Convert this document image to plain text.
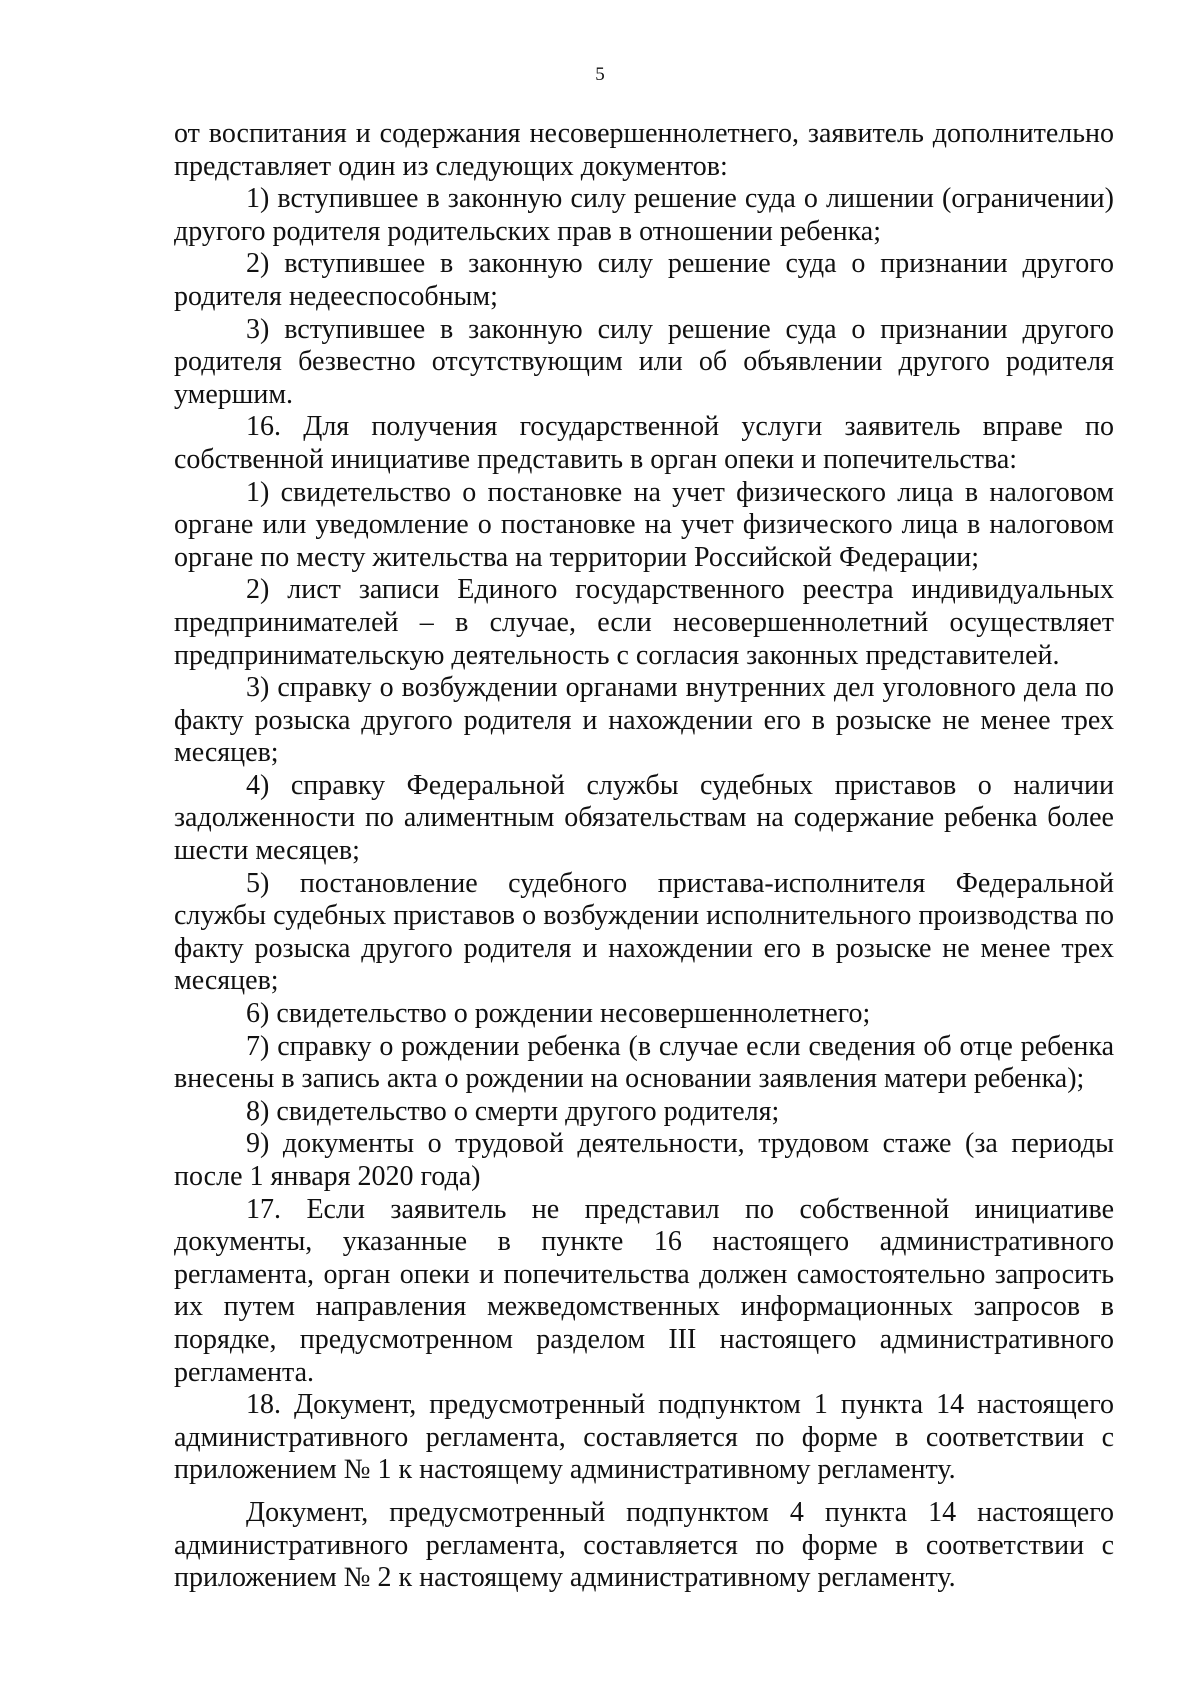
5

от воспитания и содержания несовершеннолетнего, заявитель дополнительно представляет один из следующих документов:

1) вступившее в законную силу решение суда о лишении (ограничении) другого родителя родительских прав в отношении ребенка;

2) вступившее в законную силу решение суда о признании другого родителя недееспособным;

3) вступившее в законную силу решение суда о признании другого родителя безвестно отсутствующим или об объявлении другого родителя умершим.

16. Для получения государственной услуги заявитель вправе по собственной инициативе представить в орган опеки и попечительства:

1) свидетельство о постановке на учет физического лица в налоговом органе или уведомление о постановке на учет физического лица в налоговом органе по месту жительства на территории Российской Федерации;

2) лист записи Единого государственного реестра индивидуальных предпринимателей – в случае, если несовершеннолетний осуществляет предпринимательскую деятельность с согласия законных представителей.

3) справку о возбуждении органами внутренних дел уголовного дела по факту розыска другого родителя и нахождении его в розыске не менее трех месяцев;

4) справку Федеральной службы судебных приставов о наличии задолженности по алиментным обязательствам на содержание ребенка более шести месяцев;

5) постановление судебного пристава-исполнителя Федеральной службы судебных приставов о возбуждении исполнительного производства по факту розыска другого родителя и нахождении его в розыске не менее трех месяцев;

6) свидетельство о рождении несовершеннолетнего;

7) справку о рождении ребенка (в случае если сведения об отце ребенка внесены в запись акта о рождении на основании заявления матери ребенка);

8) свидетельство о смерти другого родителя;

9) документы о трудовой деятельности, трудовом стаже (за периоды после 1 января 2020 года)

17. Если заявитель не представил по собственной инициативе документы, указанные в пункте 16 настоящего административного регламента, орган опеки и попечительства должен самостоятельно запросить их путем направления межведомственных информационных запросов в порядке, предусмотренном разделом III настоящего административного регламента.

18. Документ, предусмотренный подпунктом 1 пункта 14 настоящего административного регламента, составляется по форме в соответствии с приложением № 1 к настоящему административному регламенту.

Документ, предусмотренный подпунктом 4 пункта 14 настоящего административного регламента, составляется по форме в соответствии с приложением № 2 к настоящему административному регламенту.
